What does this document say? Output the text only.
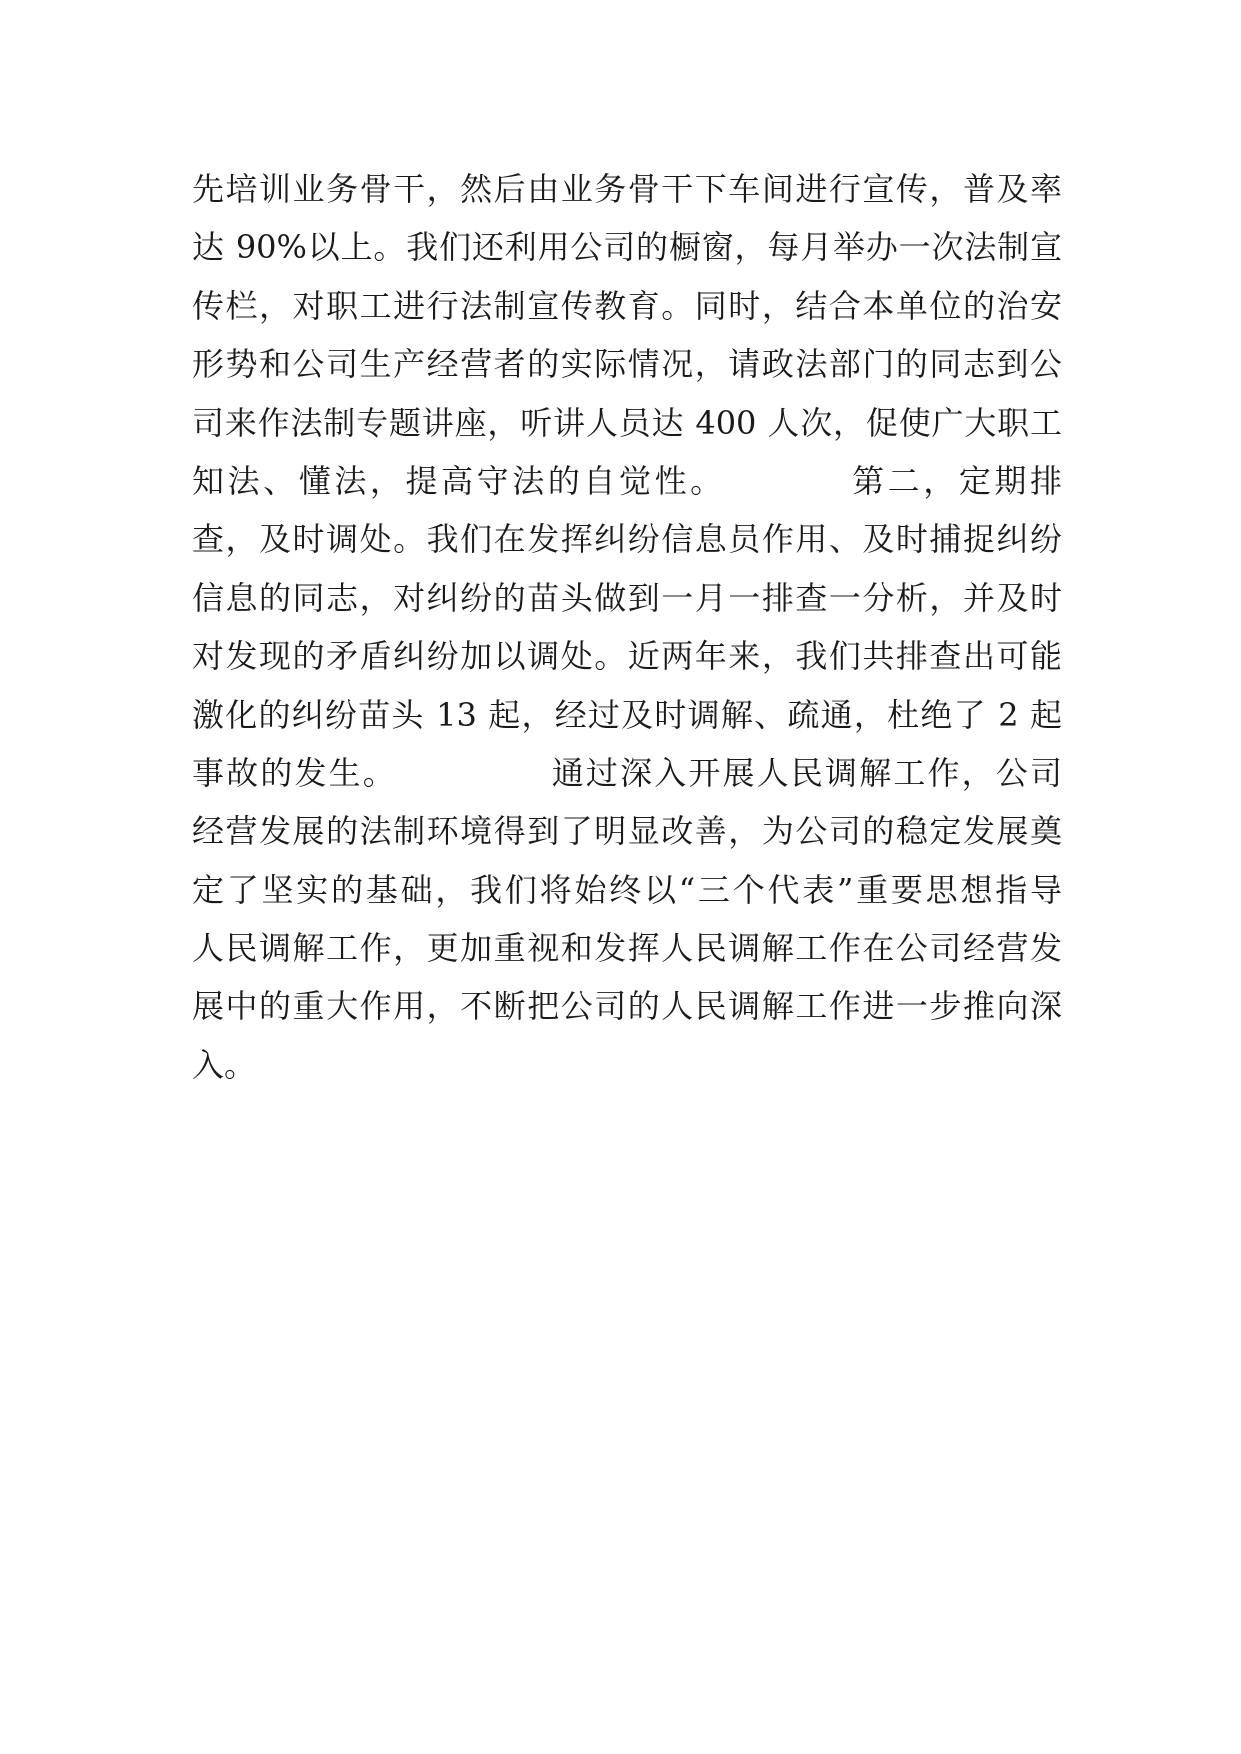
先培训业务骨干，然后由业务骨干下车间进行宣传，普及率
达 90%以上。我们还利用公司的橱窗，每月举办一次法制宣
传栏，对职工进行法制宣传教育。同时，结合本单位的治安
形势和公司生产经营者的实际情况，请政法部门的同志到公
司来作法制专题讲座，听讲人员达 400 人次，促使广大职工
知法、懂法，提高守法的自觉性。　　　　第二，定期排
查，及时调处。我们在发挥纠纷信息员作用、及时捕捉纠纷
信息的同志，对纠纷的苗头做到一月一排查一分析，并及时
对发现的矛盾纠纷加以调处。近两年来，我们共排查出可能
激化的纠纷苗头 13 起，经过及时调解、疏通，杜绝了 2 起
事故的发生。　　　　　通过深入开展人民调解工作，公司
经营发展的法制环境得到了明显改善，为公司的稳定发展奠
定了坚实的基础，我们将始终以“三个代表”重要思想指导
人民调解工作，更加重视和发挥人民调解工作在公司经营发
展中的重大作用，不断把公司的人民调解工作进一步推向深
入。
